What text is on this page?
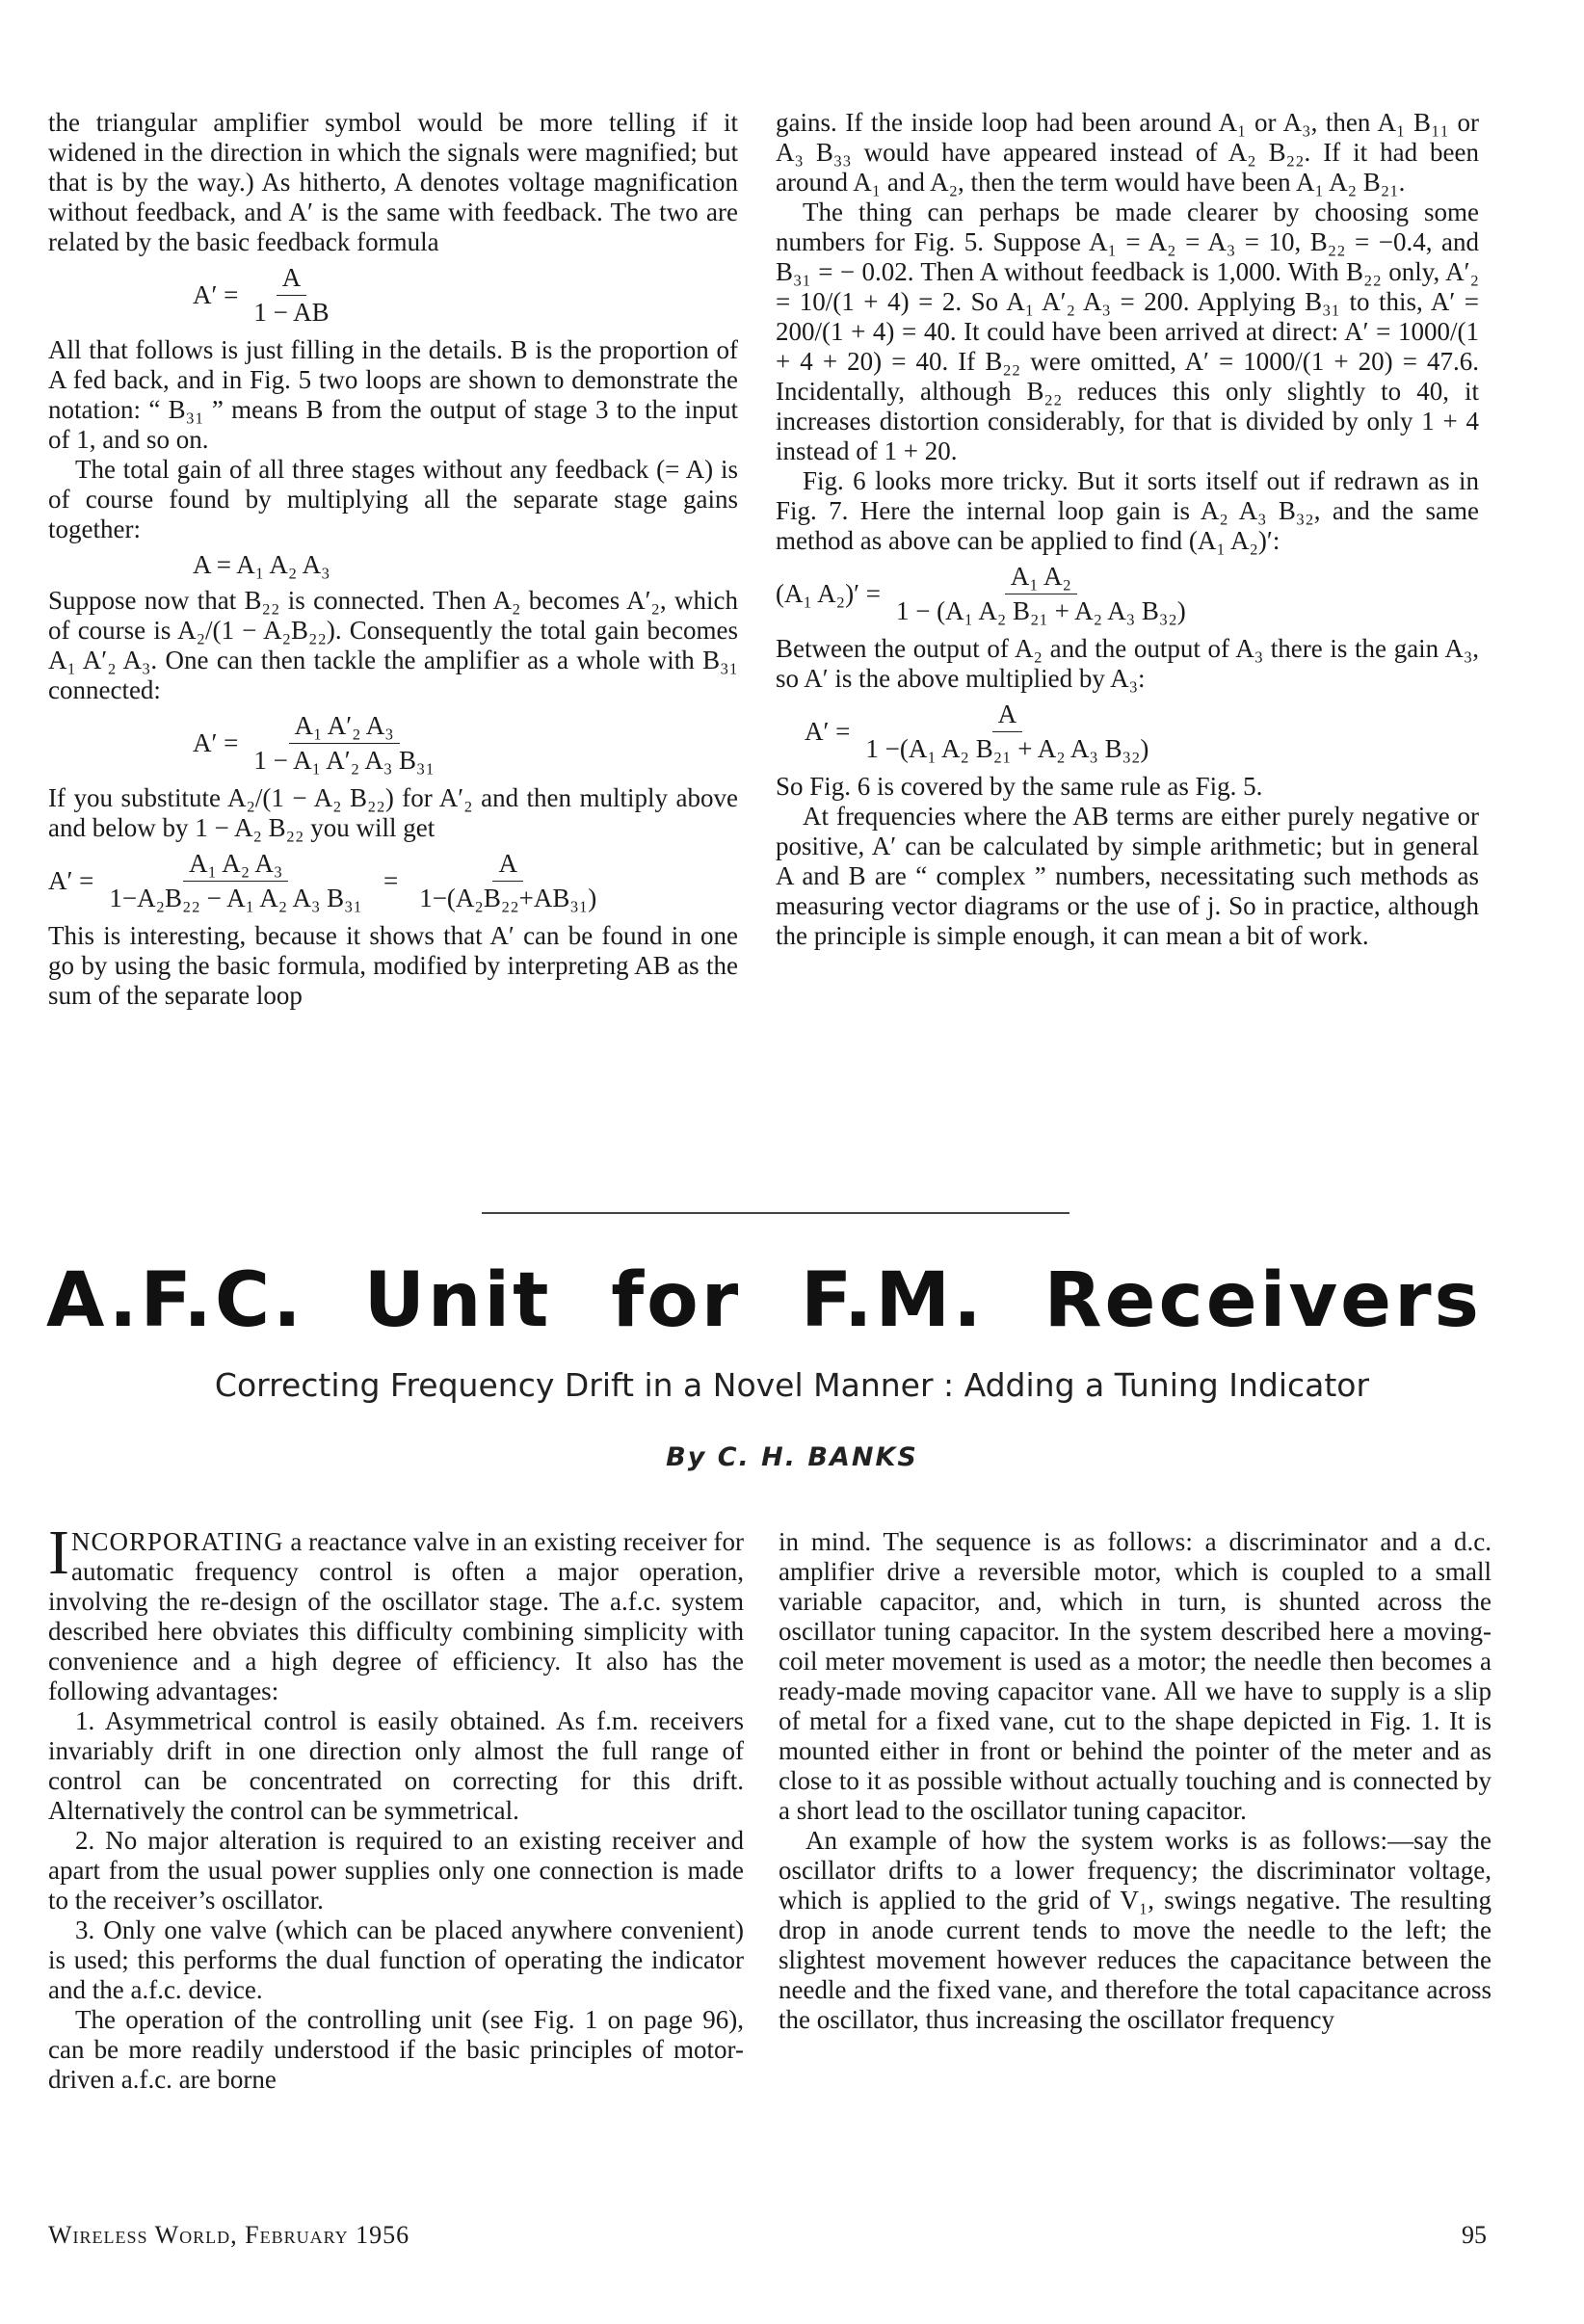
the triangular amplifier symbol would be more telling if it widened in the direction in which the signals were magnified; but that is by the way.) As hitherto, A denotes voltage magnification without feedback, and A′ is the same with feedback. The two are related by the basic feedback formula

$A' = \frac{A}{1 - AB}$

All that follows is just filling in the details. B is the proportion of A fed back, and in Fig. 5 two loops are shown to demonstrate the notation: “ B₃₁ ” means B from the output of stage 3 to the input of 1, and so on.

The total gain of all three stages without any feedback (= A) is of course found by multiplying all the separate stage gains together:

A = A₁ A₂ A₃

Suppose now that B₂₂ is connected. Then A₂ becomes A′₂, which of course is A₂/(1 − A₂B₂₂). Consequently the total gain becomes A₁ A′₂ A₃. One can then tackle the amplifier as a whole with B₃₁ connected:

$A' = \frac{\text{A₁ A′₂ A₃}}{\text{1 − A₁ A′₂ A₃ B₃₁}}$

If you substitute A₂/(1 − A₂ B₂₂) for A′₂ and then multiply above and below by 1 − A₂ B₂₂ you will get

$A' = \frac{\text{A₁ A₂ A₃}}{\text{1−A₂B₂₂ − A₁ A₂ A₃ B₃₁}} = \frac{A}{\text{1−(A₂B₂₂+AB₃₁)}}$

This is interesting, because it shows that A′ can be found in one go by using the basic formula, modified by interpreting AB as the sum of the separate loop

gains. If the inside loop had been around A₁ or A₃, then A₁ B₁₁ or A₃ B₃₃ would have appeared instead of A₂ B₂₂. If it had been around A₁ and A₂, then the term would have been A₁ A₂ B₂₁.

The thing can perhaps be made clearer by choosing some numbers for Fig. 5. Suppose A₁ = A₂ = A₃ = 10, B₂₂ = −0.4, and B₃₁ = − 0.02. Then A without feedback is 1,000. With B₂₂ only, A′₂ = 10/(1 + 4) = 2. So A₁ A′₂ A₃ = 200. Applying B₃₁ to this, A′ = 200/(1 + 4) = 40. It could have been arrived at direct: A′ = 1000/(1 + 4 + 20) = 40. If B₂₂ were omitted, A′ = 1000/(1 + 20) = 47.6. Incidentally, although B₂₂ reduces this only slightly to 40, it increases distortion considerably, for that is divided by only 1 + 4 instead of 1 + 20.

Fig. 6 looks more tricky. But it sorts itself out if redrawn as in Fig. 7. Here the internal loop gain is A₂ A₃ B₃₂, and the same method as above can be applied to find (A₁ A₂)′:

(A₁ $A_2)' = \frac{\text{A₁ A₂}}{\text{1 − (A₁ A₂ B₂₁ + A₂ A₃ B₃₂)}}$

Between the output of A₂ and the output of A₃ there is the gain A₃, so A′ is the above multiplied by A₃:

$A' = \frac{A}{\text{1 −(A₁ A₂ B₂₁ + A₂ A₃ B₃₂)}}$

So Fig. 6 is covered by the same rule as Fig. 5.

At frequencies where the AB terms are either purely negative or positive, A′ can be calculated by simple arithmetic; but in general A and B are “ complex ” numbers, necessitating such methods as measuring vector diagrams or the use of j. So in practice, although the principle is simple enough, it can mean a bit of work.

A.F.C. Unit for F.M. Receivers
Correcting Frequency Drift in a Novel Manner : Adding a Tuning Indicator
By C. H. BANKS

INCORPORATING a reactance valve in an existing receiver for automatic frequency control is often a major operation, involving the re-design of the oscillator stage. The a.f.c. system described here obviates this difficulty combining simplicity with convenience and a high degree of efficiency. It also has the following advantages:

1. Asymmetrical control is easily obtained. As f.m. receivers invariably drift in one direction only almost the full range of control can be concentrated on correcting for this drift. Alternatively the control can be symmetrical.
2. No major alteration is required to an existing receiver and apart from the usual power supplies only one connection is made to the receiver’s oscillator.
3. Only one valve (which can be placed anywhere convenient) is used; this performs the dual function of operating the indicator and the a.f.c. device.

The operation of the controlling unit (see Fig. 1 on page 96), can be more readily understood if the basic principles of motor-driven a.f.c. are borne

in mind. The sequence is as follows: a discriminator and a d.c. amplifier drive a reversible motor, which is coupled to a small variable capacitor, and, which in turn, is shunted across the oscillator tuning capacitor. In the system described here a moving-coil meter movement is used as a motor; the needle then becomes a ready-made moving capacitor vane. All we have to supply is a slip of metal for a fixed vane, cut to the shape depicted in Fig. 1. It is mounted either in front or behind the pointer of the meter and as close to it as possible without actually touching and is connected by a short lead to the oscillator tuning capacitor.

An example of how the system works is as follows:—say the oscillator drifts to a lower frequency; the discriminator voltage, which is applied to the grid of V₁, swings negative. The resulting drop in anode current tends to move the needle to the left; the slightest movement however reduces the capacitance between the needle and the fixed vane, and therefore the total capacitance across the oscillator, thus increasing the oscillator frequency

Wireless World, February 1956	95
